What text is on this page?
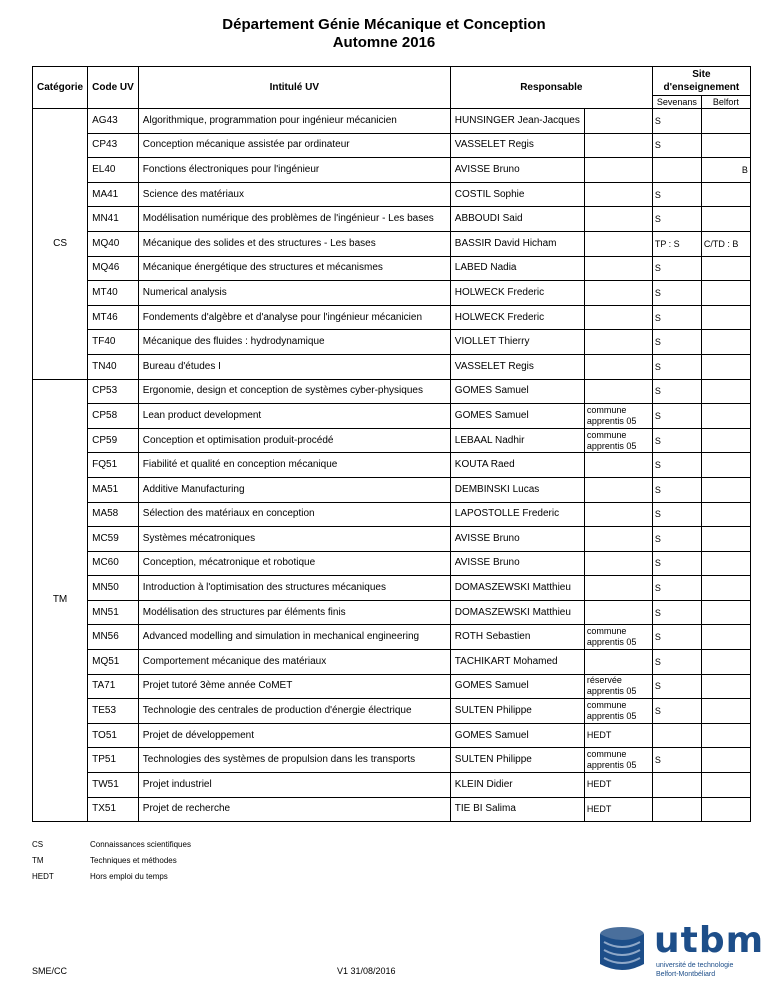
Département Génie Mécanique et Conception
Automne 2016
Catégorie	Code UV	Intitulé UV	Responsable		Site
d'enseignement	
					Sevenans	Belfort
CS	AG43	Algorithmique, programmation pour ingénieur mécanicien	HUNSINGER Jean-Jacques		S	
	CP43	Conception mécanique assistée par ordinateur	VASSELET Regis		S	
	EL40	Fonctions électroniques pour l'ingénieur	AVISSE Bruno			B
	MA41	Science des matériaux	COSTIL Sophie		S	
	MN41	Modélisation numérique des problèmes de l'ingénieur - Les bases	ABBOUDI Said		S	
	MQ40	Mécanique des solides et des structures - Les bases	BASSIR David Hicham		TP : S	C/TD : B
	MQ46	Mécanique énergétique des structures et mécanismes	LABED Nadia		S	
	MT40	Numerical analysis	HOLWECK Frederic		S	
	MT46	Fondements d'algèbre et d'analyse pour l'ingénieur mécanicien	HOLWECK Frederic		S	
	TF40	Mécanique des fluides : hydrodynamique	VIOLLET Thierry		S	
	TN40	Bureau d'études I	VASSELET Regis		S	
TM	CP53	Ergonomie, design et conception de systèmes cyber-physiques	GOMES Samuel		S	
	CP58	Lean product development	GOMES Samuel	commune apprentis 05	S	
	CP59	Conception et optimisation produit-procédé	LEBAAL Nadhir	commune apprentis 05	S	
	FQ51	Fiabilité et qualité en conception mécanique	KOUTA Raed		S	
	MA51	Additive Manufacturing	DEMBINSKI Lucas		S	
	MA58	Sélection des matériaux en conception	LAPOSTOLLE Frederic		S	
	MC59	Systèmes mécatroniques	AVISSE Bruno		S	
	MC60	Conception, mécatronique et robotique	AVISSE Bruno		S	
	MN50	Introduction à l'optimisation des structures mécaniques	DOMASZEWSKI Matthieu		S	
	MN51	Modélisation des structures par éléments finis	DOMASZEWSKI Matthieu		S	
	MN56	Advanced modelling and simulation in mechanical engineering	ROTH Sebastien	commune apprentis 05	S	
	MQ51	Comportement mécanique des matériaux	TACHIKART Mohamed		S	
	TA71	Projet tutoré 3ème année CoMET	GOMES Samuel	réservée apprentis 05	S	
	TE53	Technologie des centrales de production d'énergie électrique	SULTEN Philippe	commune apprentis 05	S	
	TO51	Projet de développement	GOMES Samuel	HEDT		
	TP51	Technologies des systèmes de propulsion dans les transports	SULTEN Philippe	commune apprentis 05	S	
	TW51	Projet industriel	KLEIN Didier	HEDT		
	TX51	Projet de recherche	TIE BI Salima	HEDT		
CS	Connaissances scientifiques
TM	Techniques et méthodes
HEDT	Hors emploi du temps
SME/CC	V1 31/08/2016
utbm
université de technologie
Belfort-Montbéliard
